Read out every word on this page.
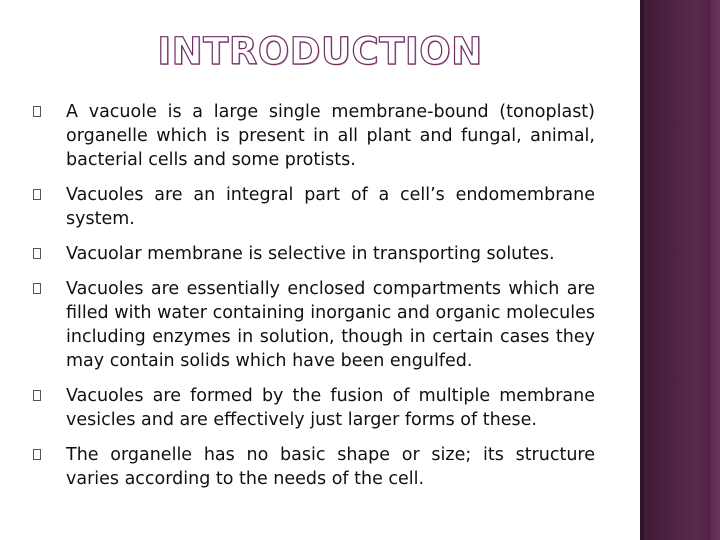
INTRODUCTION
A vacuole is a large single membrane-bound (tonoplast) organelle which is present in all plant and fungal, animal, bacterial cells and some protists.
Vacuoles are an integral part of a cell’s endomembrane system.
Vacuolar membrane is selective in transporting solutes.
Vacuoles are essentially enclosed compartments which are filled with water containing inorganic and organic molecules including enzymes in solution, though in certain cases they may contain solids which have been engulfed.
Vacuoles are formed by the fusion of multiple membrane vesicles and are effectively just larger forms of these.
The organelle has no basic shape or size; its structure varies according to the needs of the cell.
